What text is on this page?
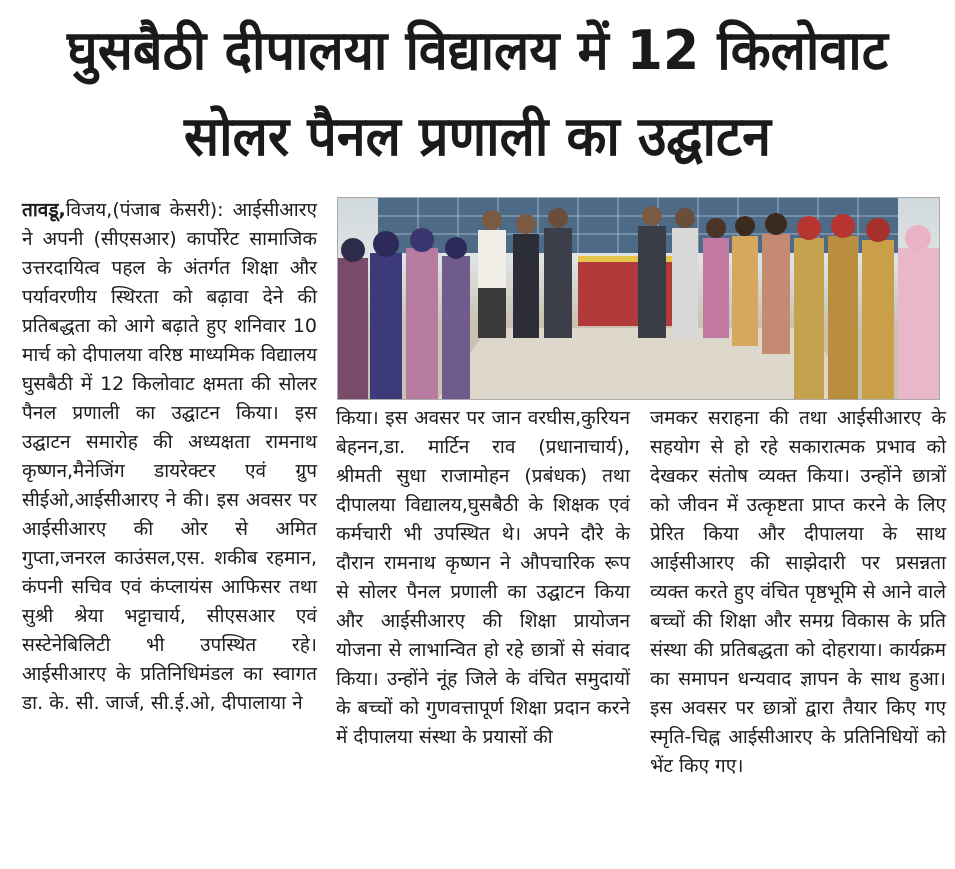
घुसबैठी दीपालया विद्यालय में 12 किलोवाट
सोलर पैनल प्रणाली का उद्घाटन

तावडू,विजय,(पंजाब केसरी): आईसीआरए ने अपनी (सीएसआर) कार्पोरेट सामाजिक उत्तरदायित्व पहल के अंतर्गत शिक्षा और पर्यावरणीय स्थिरता को बढ़ावा देने की प्रतिबद्धता को आगे बढ़ाते हुए शनिवार 10 मार्च को दीपालया वरिष्ठ माध्यमिक विद्यालय घुसबैठी में 12 किलोवाट क्षमता की सोलर पैनल प्रणाली का उद्घाटन किया। इस उद्घाटन समारोह की अध्यक्षता रामनाथ कृष्णन,मैनेजिंग डायरेक्टर एवं ग्रुप सीईओ,आईसीआरए ने की। इस अवसर पर आईसीआरए की ओर से अमित गुप्ता,जनरल काउंसल,एस. शकीब रहमान, कंपनी सचिव एवं कंप्लायंस आफिसर तथा सुश्री श्रेया भट्टाचार्य, सीएसआर एवं सस्टेनेबिलिटी भी उपस्थित रहे। आईसीआरए के प्रतिनिधिमंडल का स्वागत डा. के. सी. जार्ज, सी.ई.ओ, दीपालाया ने

किया। इस अवसर पर जान वरघीस,कुरियन बेहनन,डा. मार्टिन राव (प्रधानाचार्य), श्रीमती सुधा राजामोहन (प्रबंधक) तथा दीपालया विद्यालय,घुसबैठी के शिक्षक एवं कर्मचारी भी उपस्थित थे। अपने दौरे के दौरान रामनाथ कृष्णन ने औपचारिक रूप से सोलर पैनल प्रणाली का उद्घाटन किया और आईसीआरए की शिक्षा प्रायोजन योजना से लाभान्वित हो रहे छात्रों से संवाद किया। उन्होंने नूंह जिले के वंचित समुदायों के बच्चों को गुणवत्तापूर्ण शिक्षा प्रदान करने में दीपालया संस्था के प्रयासों की

जमकर सराहना की तथा आईसीआरए के सहयोग से हो रहे सकारात्मक प्रभाव को देखकर संतोष व्यक्त किया। उन्होंने छात्रों को जीवन में उत्कृष्टता प्राप्त करने के लिए प्रेरित किया और दीपालया के साथ आईसीआरए की साझेदारी पर प्रसन्नता व्यक्त करते हुए वंचित पृष्ठभूमि से आने वाले बच्चों की शिक्षा और समग्र विकास के प्रति संस्था की प्रतिबद्धता को दोहराया। कार्यक्रम का समापन धन्यवाद ज्ञापन के साथ हुआ। इस अवसर पर छात्रों द्वारा तैयार किए गए स्मृति-चिह्न आईसीआरए के प्रतिनिधियों को भेंट किए गए।
